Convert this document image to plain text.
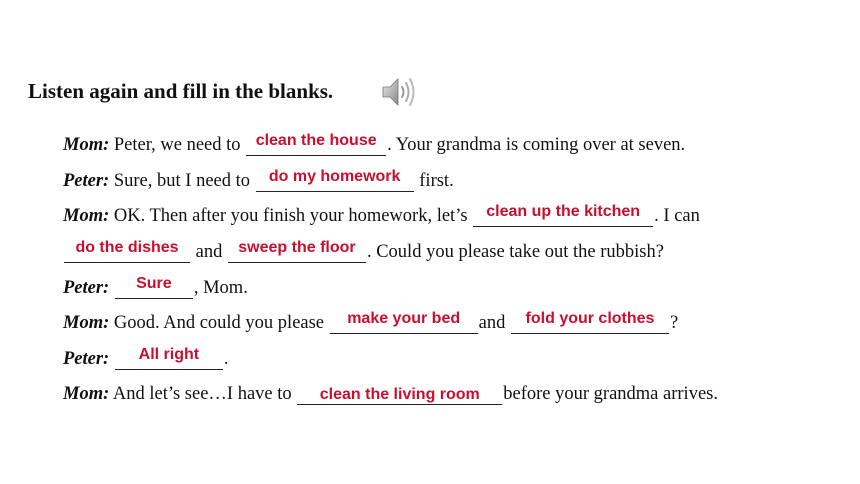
Listen again and fill in the blanks.
Mom: Peter, we need to clean the house . Your grandma is coming over at seven.
Peter: Sure, but I need to do my homework first.
Mom: OK. Then after you finish your homework, let’s clean up the kitchen . I can
do the dishes and sweep the floor . Could you please take out the rubbish?
Peter:	Sure	, Mom.
Mom: Good. And could you please	make your bed	and fold your clothes ?
Peter:	All right	.
Mom: And let’s see…I have to	clean the living room	before your grandma arrives.
